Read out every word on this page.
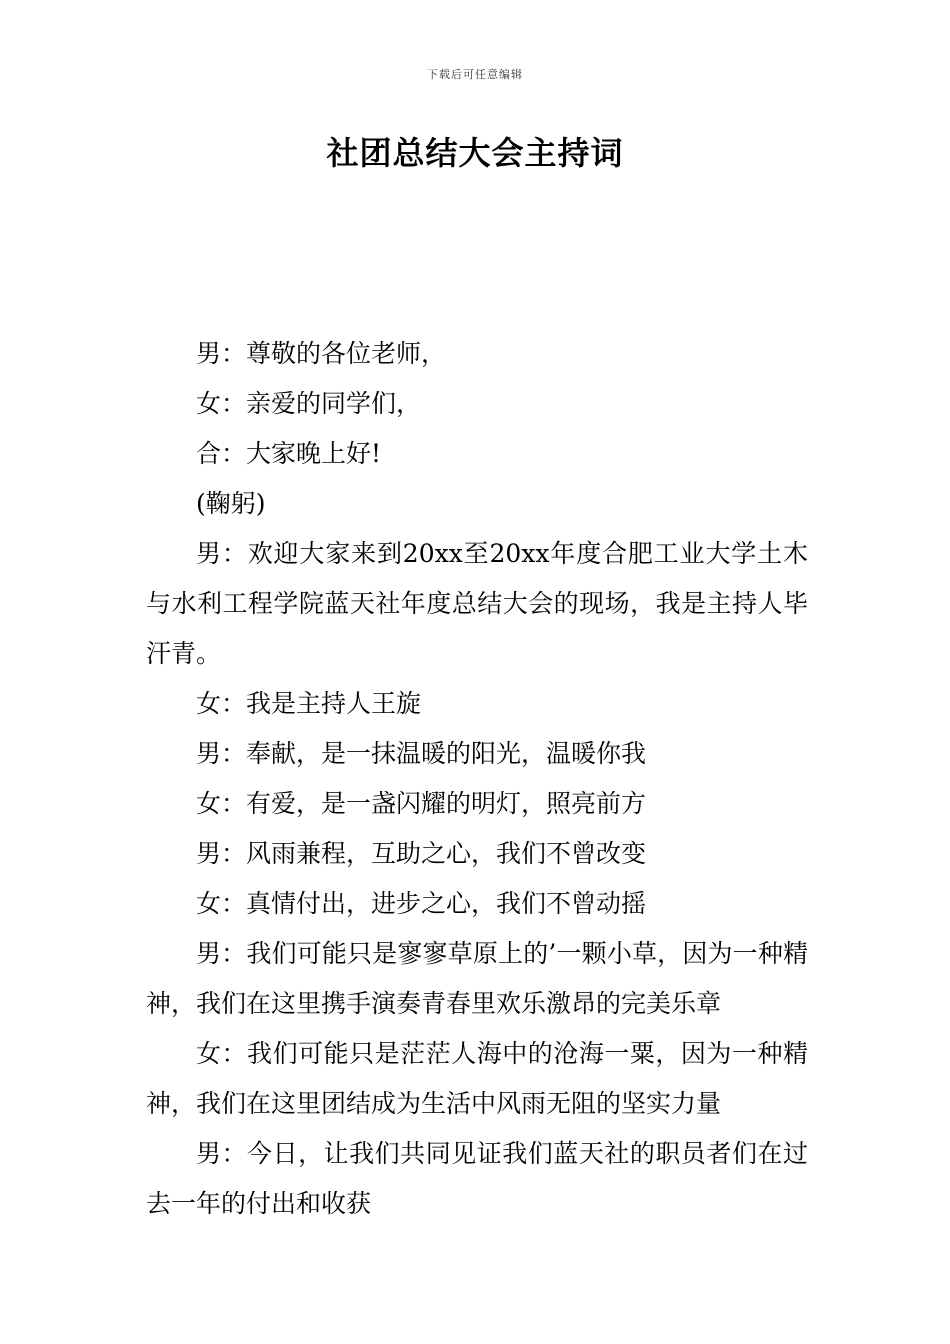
下载后可任意编辑
社团总结大会主持词

男：尊敬的各位老师，

女：亲爱的同学们，

合：大家晚上好!

(鞠躬)

男：欢迎大家来到20xx至20xx年度合肥工业大学土木与水利工程学院蓝天社年度总结大会的现场，我是主持人毕汗青。

女：我是主持人王旋

男：奉献，是一抹温暖的阳光，温暖你我

女：有爱，是一盏闪耀的明灯，照亮前方

男：风雨兼程，互助之心，我们不曾改变

女：真情付出，进步之心，我们不曾动摇

男：我们可能只是寥寥草原上的’一颗小草，因为一种精神，我们在这里携手演奏青春里欢乐激昂的完美乐章

女：我们可能只是茫茫人海中的沧海一粟，因为一种精神，我们在这里团结成为生活中风雨无阻的坚实力量

男：今日，让我们共同见证我们蓝天社的职员者们在过去一年的付出和收获
